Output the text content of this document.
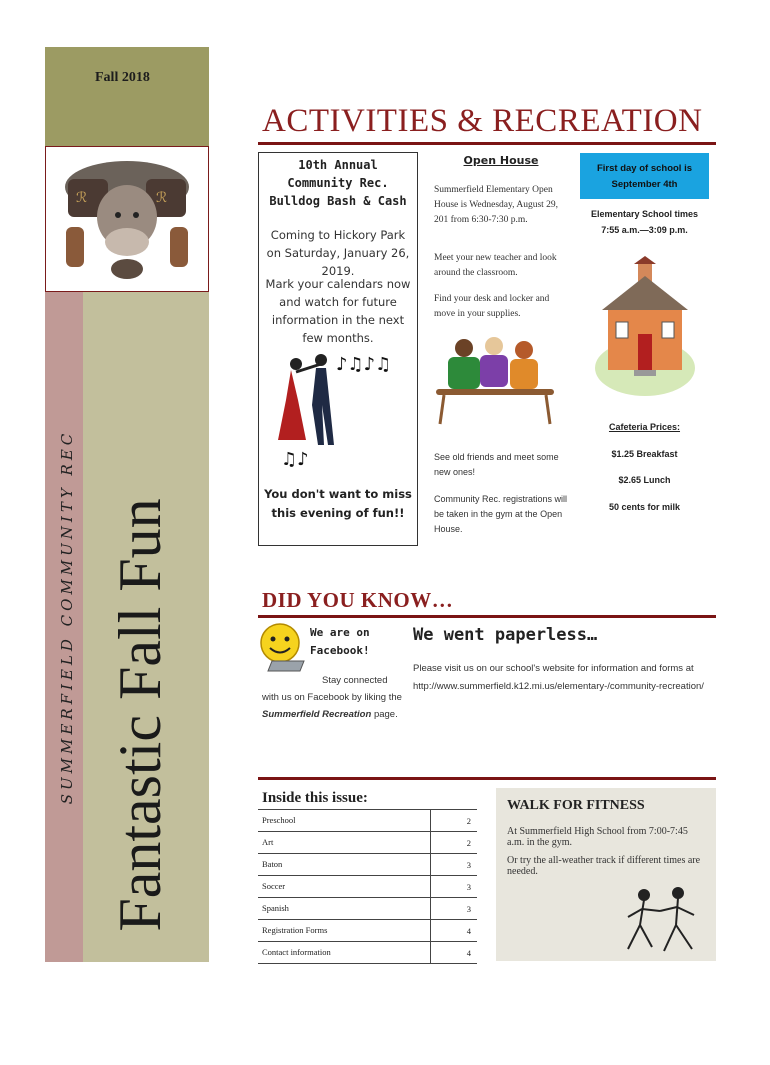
Fall 2018
ℛ	ℛ
SUMMERFIELD COMMUNITY REC Fantastic Fall Fun
ACTIVITIES & RECREATION
10th Annual
Community Rec.
Bulldog Bash & Cash
Coming to Hickory Park on Saturday, January 26, 2019.
Mark your calendars now and watch for future information in the next few months.
♪♫♪♫
♫♪
You don't want to miss this evening of fun!!
Open House
Summerfield Elementary Open House is Wednesday, August 29, 201 from 6:30-7:30 p.m.
Meet your new teacher and look around the classroom.
Find your desk and locker and move in your supplies.
See old friends and meet some new ones!
Community Rec. registrations will be taken in the gym at the Open House.
First day of school is September 4th
Elementary School times
7:55 a.m.—3:09 p.m.
Cafeteria Prices:
$1.25 Breakfast
$2.65 Lunch
50 cents for milk
DID YOU KNOW…
We are on
Facebook!
Stay connected with us on Facebook by liking the Summerfield Recreation page.
We went paperless…
Please visit us on our school's website for information and forms at http://www.summerfield.k12.mi.us/elementary-/community-recreation/
Inside this issue:
Preschool	2
Art	2
Baton	3
Soccer	3
Spanish	3
Registration Forms	4
Contact information	4
WALK FOR FITNESS
At Summerfield High School from 7:00-7:45 a.m. in the gym.
Or try the all-weather track if different times are needed.
